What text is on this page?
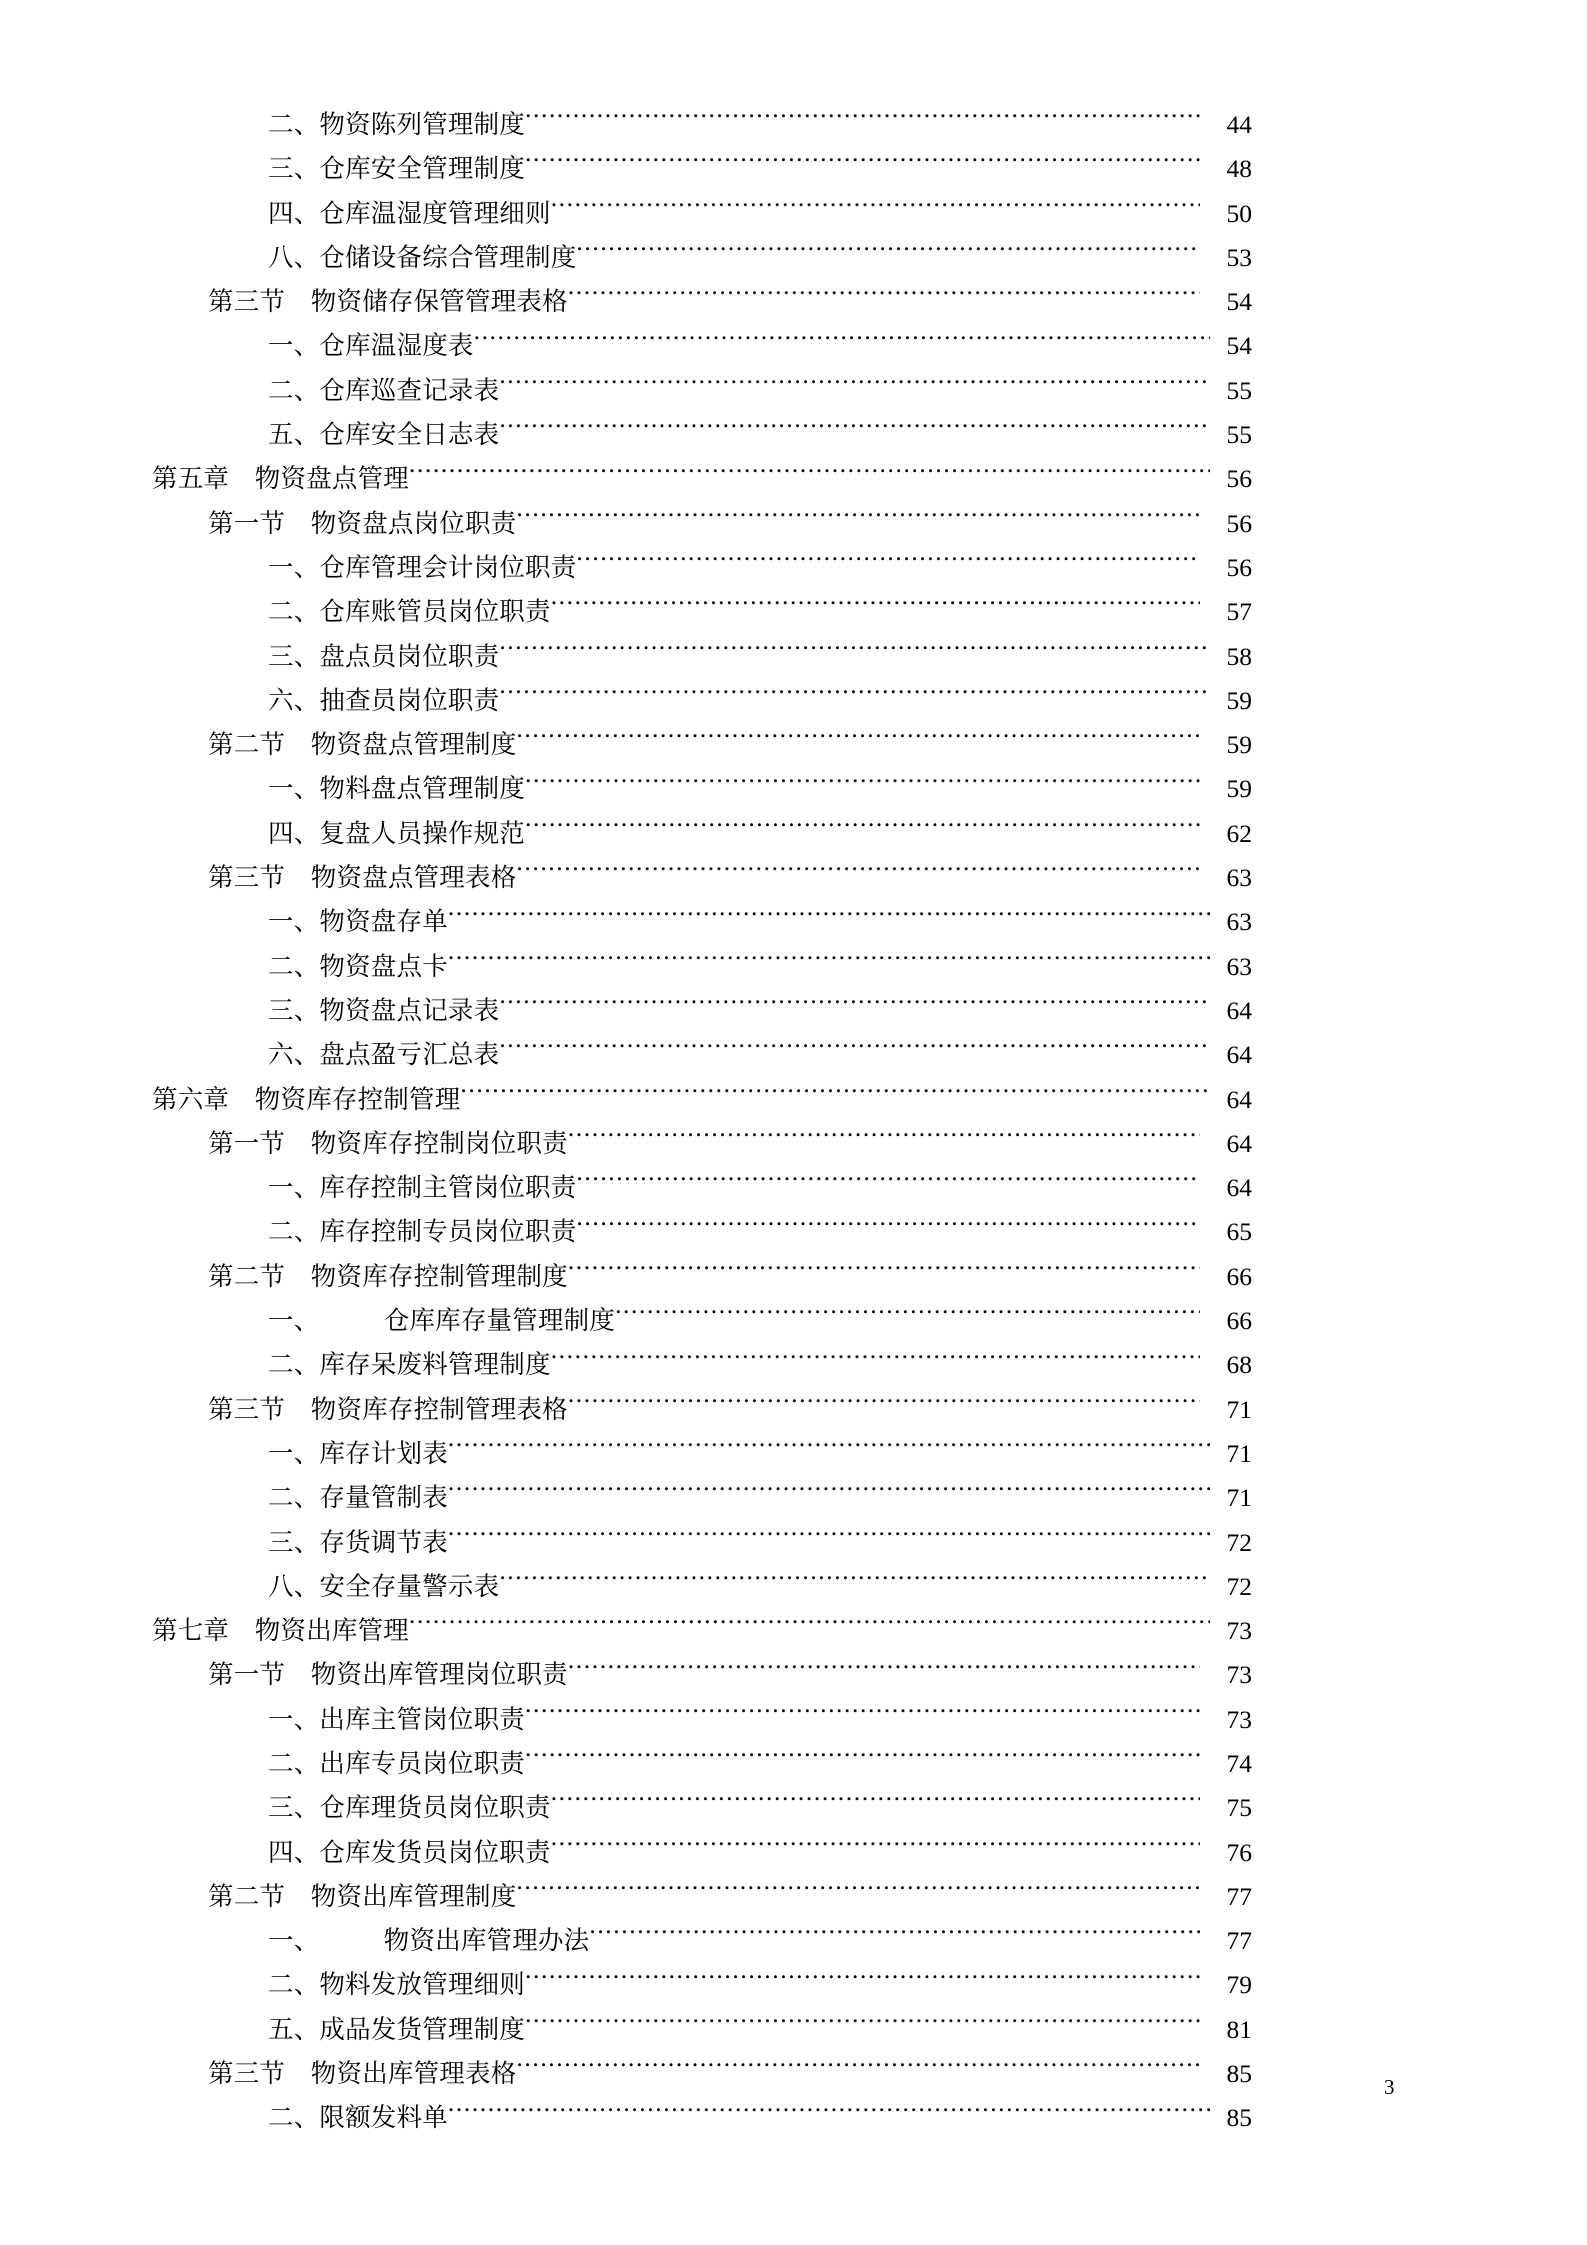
二、物资陈列管理制度 .....	44
三、仓库安全管理制度 .....	48
四、仓库温湿度管理细则 .....	50
八、仓储设备综合管理制度 .....	53
第三节　物资储存保管管理表格 .....	54
一、仓库温湿度表 .....	54
二、仓库巡查记录表 .....	55
五、仓库安全日志表 .....	55
第五章　物资盘点管理 .....	56
第一节　物资盘点岗位职责 .....	56
一、仓库管理会计岗位职责 .....	56
二、仓库账管员岗位职责 .....	57
三、盘点员岗位职责 .....	58
六、抽查员岗位职责 .....	59
第二节　物资盘点管理制度 .....	59
一、物料盘点管理制度 .....	59
四、复盘人员操作规范 .....	62
第三节　物资盘点管理表格 .....	63
一、物资盘存单 .....	63
二、物资盘点卡 .....	63
三、物资盘点记录表 .....	64
六、盘点盈亏汇总表 .....	64
第六章　物资库存控制管理 .....	64
第一节　物资库存控制岗位职责 .....	64
一、库存控制主管岗位职责 .....	64
二、库存控制专员岗位职责 .....	65
第二节　物资库存控制管理制度 .....	66
一、　　　仓库库存量管理制度 .....	66
二、库存呆废料管理制度 .....	68
第三节　物资库存控制管理表格 .....	71
一、库存计划表 .....	71
二、存量管制表 .....	71
三、存货调节表 .....	72
八、安全存量警示表 .....	72
第七章　物资出库管理 .....	73
第一节　物资出库管理岗位职责 .....	73
一、出库主管岗位职责 .....	73
二、出库专员岗位职责 .....	74
三、仓库理货员岗位职责 .....	75
四、仓库发货员岗位职责 .....	76
第二节　物资出库管理制度 .....	77
一、　　　物资出库管理办法 .....	77
二、物料发放管理细则 .....	79
五、成品发货管理制度 .....	81
第三节　物资出库管理表格 .....	85
二、限额发料单 .....	85
3
